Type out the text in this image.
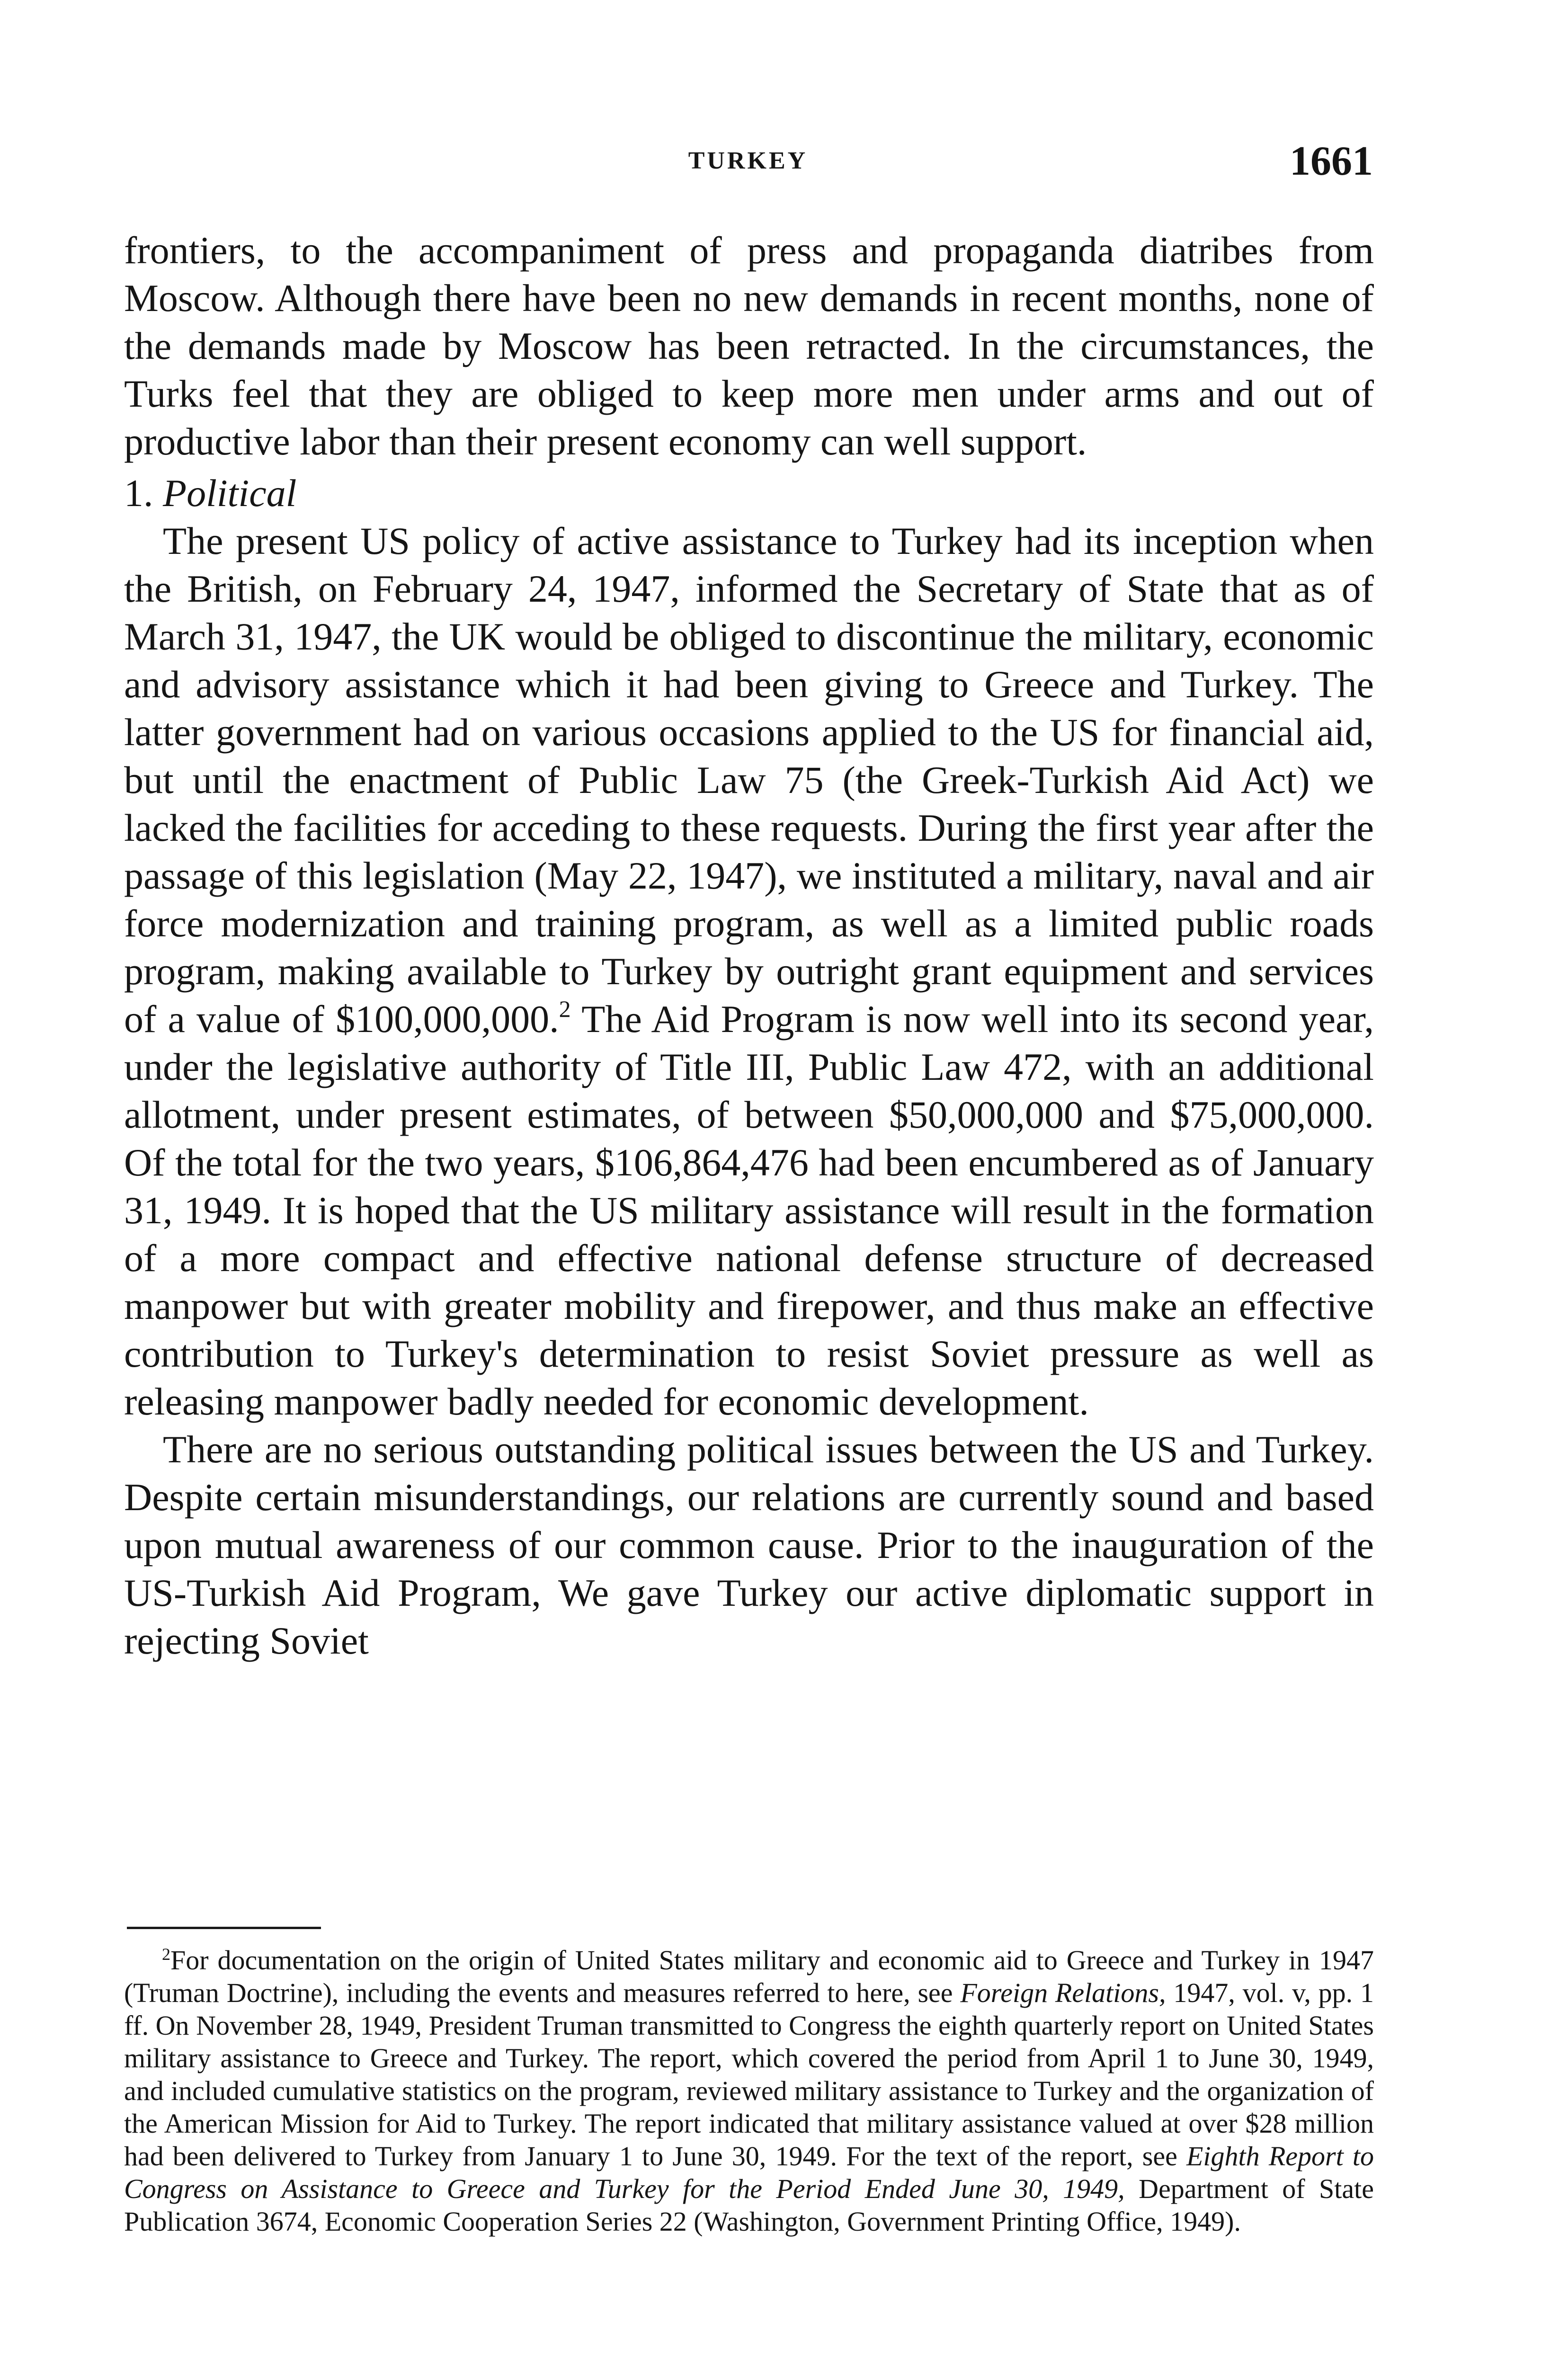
TURKEY	1661

frontiers, to the accompaniment of press and propaganda diatribes from Moscow. Although there have been no new demands in recent months, none of the demands made by Moscow has been retracted. In the circumstances, the Turks feel that they are obliged to keep more men under arms and out of productive labor than their present economy can well support.

1. Political

The present US policy of active assistance to Turkey had its inception when the British, on February 24, 1947, informed the Secretary of State that as of March 31, 1947, the UK would be obliged to discontinue the military, economic and advisory assistance which it had been giving to Greece and Turkey. The latter government had on various occasions applied to the US for financial aid, but until the enactment of Public Law 75 (the Greek-Turkish Aid Act) we lacked the facilities for acceding to these requests. During the first year after the passage of this legislation (May 22, 1947), we instituted a military, naval and air force modernization and training program, as well as a limited public roads program, making available to Turkey by outright grant equipment and services of a value of $100,000,000.$^2$ The Aid Program is now well into its second year, under the legislative authority of Title III, Public Law 472, with an additional allotment, under present estimates, of between $50,000,000 and $75,000,000. Of the total for the two years, $106,864,476 had been encumbered as of January 31, 1949. It is hoped that the US military assistance will result in the formation of a more compact and effective national defense structure of decreased manpower but with greater mobility and firepower, and thus make an effective contribution to Turkey's determination to resist Soviet pressure as well as releasing manpower badly needed for economic development.

There are no serious outstanding political issues between the US and Turkey. Despite certain misunderstandings, our relations are currently sound and based upon mutual awareness of our common cause. Prior to the inauguration of the US-Turkish Aid Program, We gave Turkey our active diplomatic support in rejecting Soviet

$^2$For documentation on the origin of United States military and economic aid to Greece and Turkey in 1947 (Truman Doctrine), including the events and measures referred to here, see Foreign Relations, 1947, vol. v, pp. 1 ff. On November 28, 1949, President Truman transmitted to Congress the eighth quarterly report on United States military assistance to Greece and Turkey. The report, which covered the period from April 1 to June 30, 1949, and included cumulative statistics on the program, reviewed military assistance to Turkey and the organization of the American Mission for Aid to Turkey. The report indicated that military assistance valued at over $28 million had been delivered to Turkey from January 1 to June 30, 1949. For the text of the report, see Eighth Report to Congress on Assistance to Greece and Turkey for the Period Ended June 30, 1949, Department of State Publication 3674, Economic Cooperation Series 22 (Washington, Government Printing Office, 1949).
